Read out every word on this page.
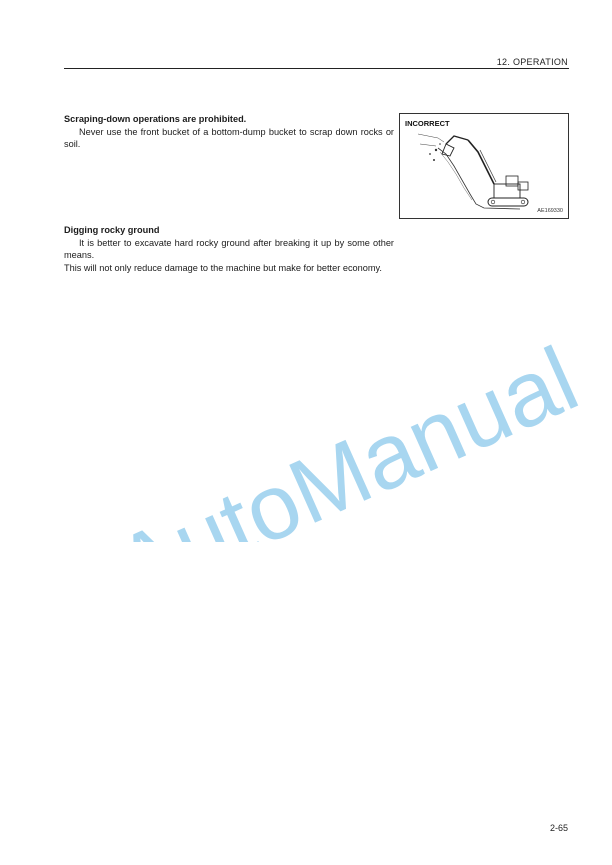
12. OPERATION
Scraping-down operations are prohibited.

Never use the front bucket of a bottom-dump bucket to scrap down rocks or soil.

INCORRECT
AE169330
Digging rocky ground

It is better to excavate hard rocky ground after breaking it up by some other means.

This will not only reduce damage to the machine but make for better economy.

AutoManual
2-65
